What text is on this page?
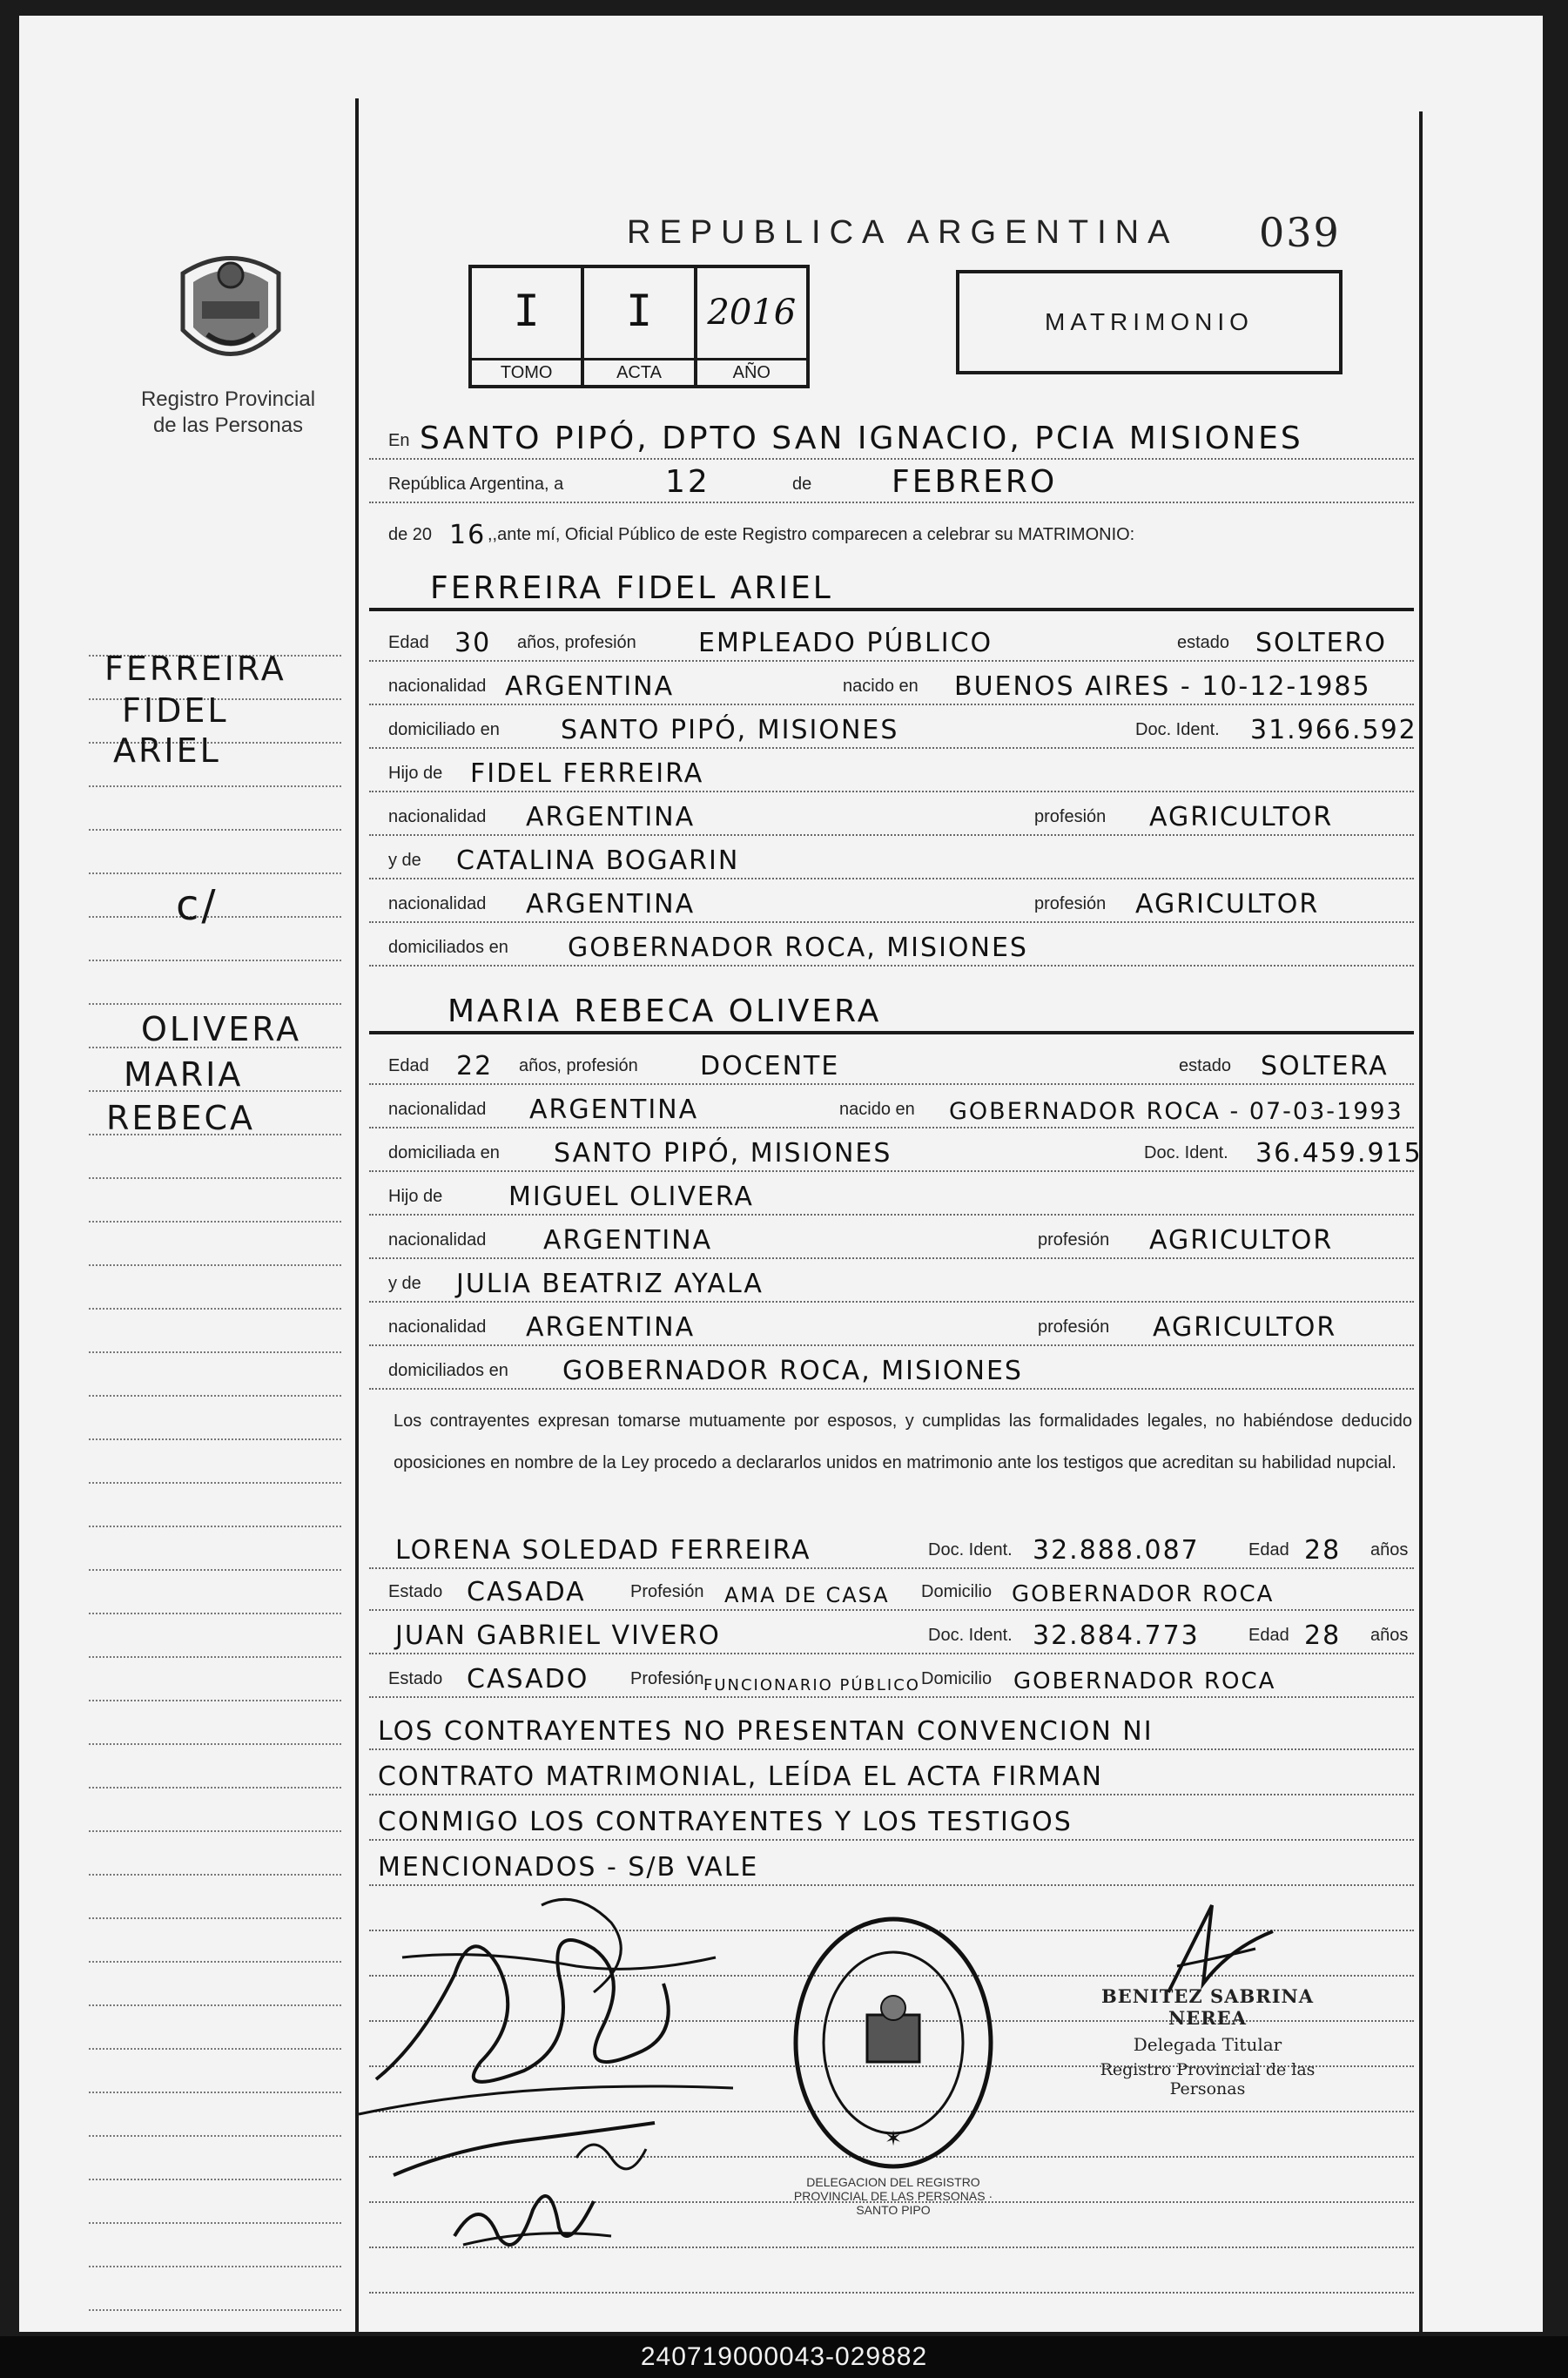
Registro Provincial
de las Personas
REPUBLICA ARGENTINA 039
I
TOMO
I
ACTA
2016
AÑO
MATRIMONIO
FERREIRA
FIDEL
ARIEL
c/
OLIVERA
MARIA
REBECA
En SANTO PIPÓ, DPTO SAN IGNACIO, PCIA MISIONES
República Argentina, a	12	de	FEBRERO
de 20 16 ,,ante mí, Oficial Público de este Registro comparecen a celebrar su MATRIMONIO:
FERREIRA FIDEL ARIEL
Edad 30 años, profesión EMPLEADO PÚBLICO	estado SOLTERO
nacionalidad ARGENTINA	nacido en BUENOS AIRES - 10-12-1985
domiciliado en SANTO PIPÓ, MISIONES	Doc. Ident. 31.966.592
Hijo de FIDEL FERREIRA
nacionalidad ARGENTINA	profesión AGRICULTOR
y de CATALINA BOGARIN
nacionalidad ARGENTINA	profesión AGRICULTOR
domiciliados en GOBERNADOR ROCA, MISIONES
MARIA REBECA OLIVERA
Edad 22 años, profesión DOCENTE	estado SOLTERA
nacionalidad ARGENTINA	nacido en GOBERNADOR ROCA - 07-03-1993
domiciliada en SANTO PIPÓ, MISIONES	Doc. Ident. 36.459.915
Hijo de	MIGUEL OLIVERA
nacionalidad ARGENTINA	profesión AGRICULTOR
y de JULIA BEATRIZ AYALA
nacionalidad ARGENTINA	profesión AGRICULTOR
domiciliados en GOBERNADOR ROCA, MISIONES
Los contrayentes expresan tomarse mutuamente por esposos, y cumplidas las formalidades legales, no habiéndose deducido oposiciones en nombre de la Ley procedo a declararlos unidos en matrimonio ante los testigos que acreditan su habilidad nupcial.
LORENA SOLEDAD FERREIRA	Doc. Ident. 32.888.087	Edad 28 años
Estado CASADA	Profesión AMA DE CASA Domicilio GOBERNADOR ROCA
JUAN GABRIEL VIVERO	Doc. Ident. 32.884.773	Edad 28 años
Estado CASADO Profesión FUNCIONARIO PÚBLICO Domicilio GOBERNADOR ROCA
LOS CONTRAYENTES NO PRESENTAN CONVENCION NI
CONTRATO MATRIMONIAL, LEÍDA EL ACTA FIRMAN
CONMIGO LOS CONTRAYENTES Y LOS TESTIGOS
MENCIONADOS - S/B VALE
✶
DELEGACION DEL REGISTRO PROVINCIAL DE LAS PERSONAS · SANTO PIPO
BENITEZ SABRINA NEREA
Delegada Titular
Registro Provincial de las Personas
240719000043-029882
